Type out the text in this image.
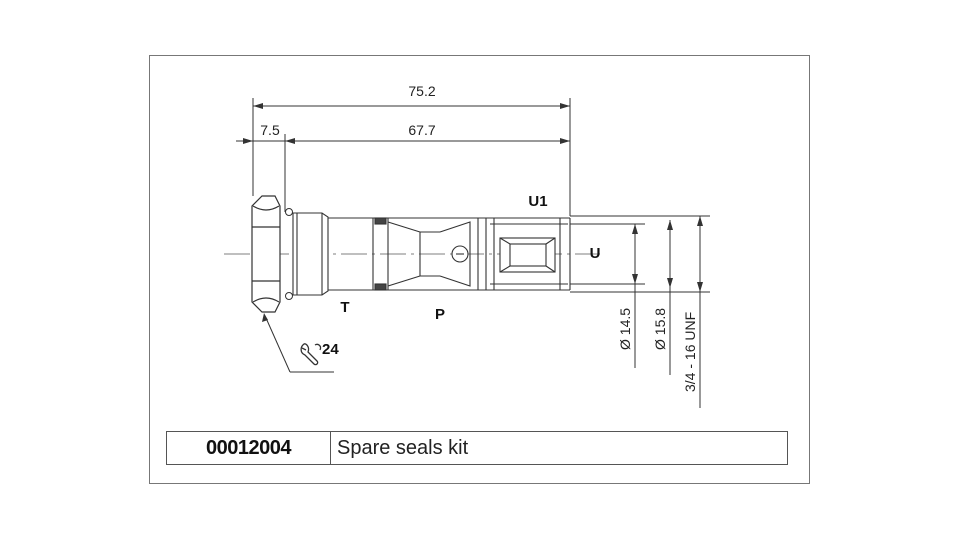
75.2
7.5	67.7
Ø 14.5 Ø 15.8 3/4 - 16 UNF
U1
U
T	P
24
00012004	Spare seals kit
